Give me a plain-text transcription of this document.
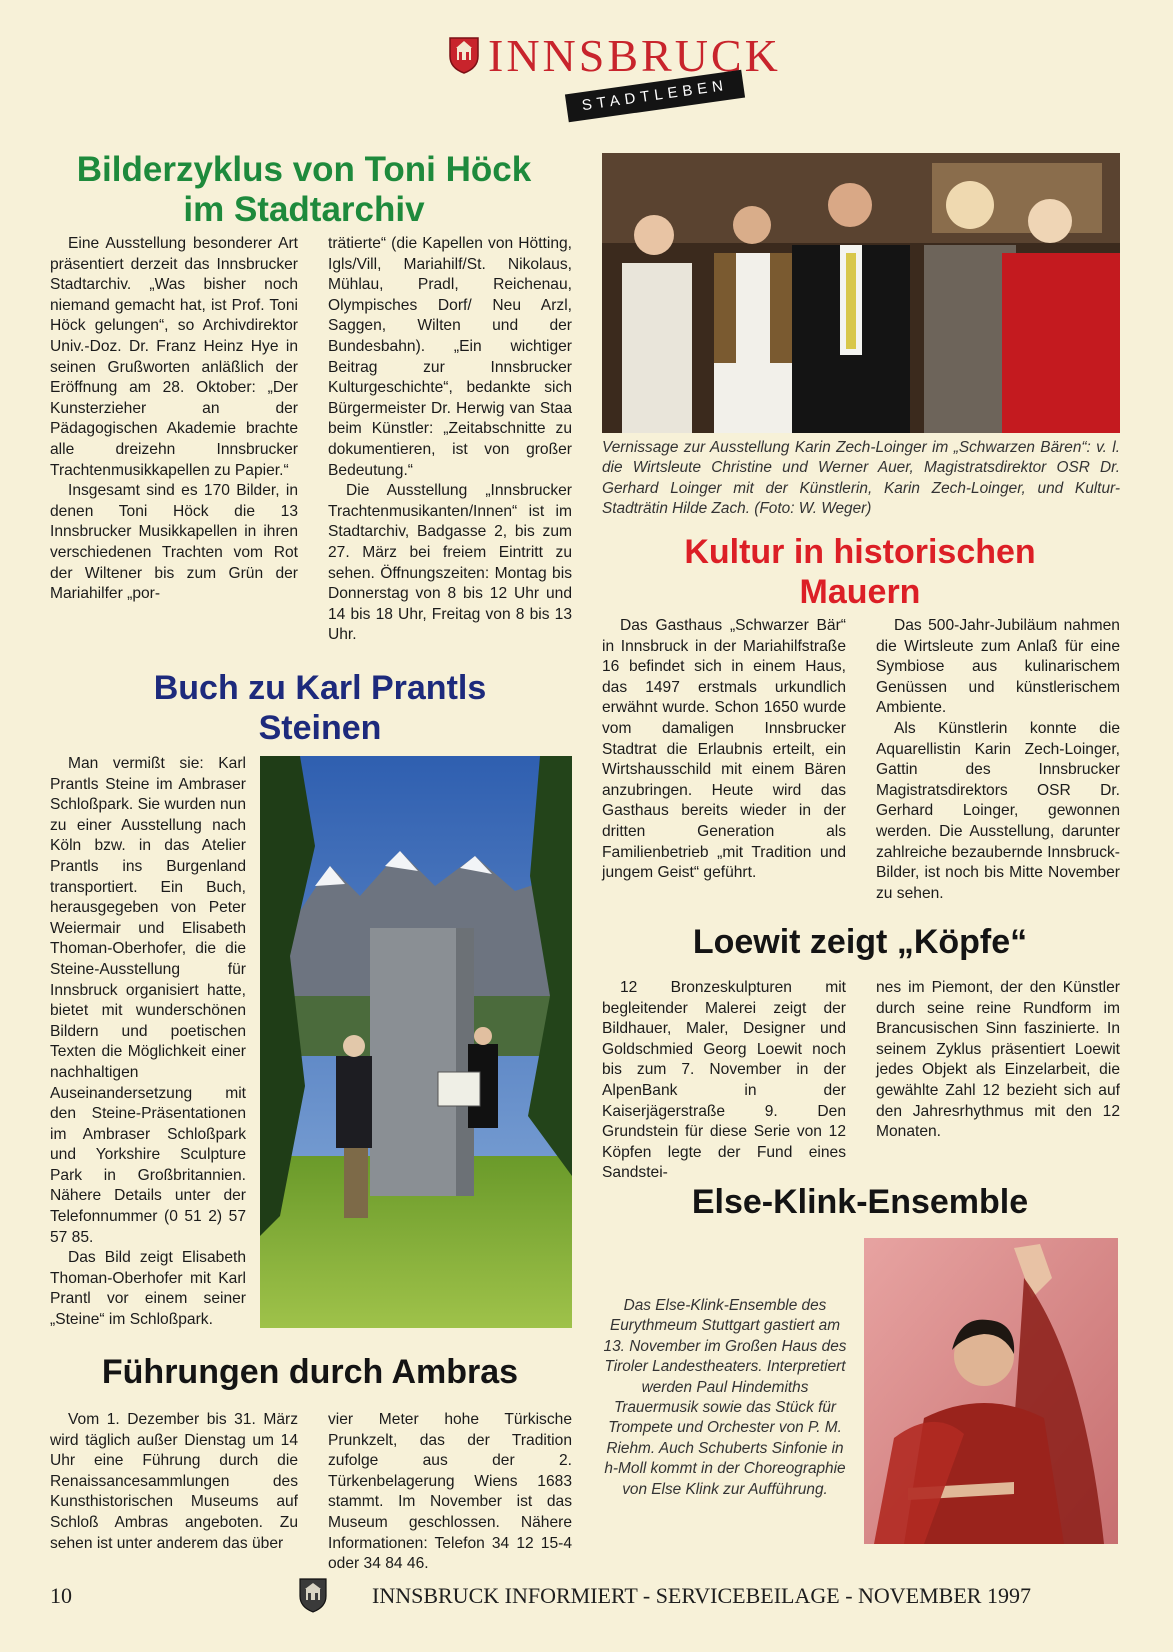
INNSBRUCK
STADTLEBEN
Bilderzyklus von Toni Höck
im Stadtarchiv

Eine Ausstellung besonderer Art präsentiert derzeit das Innsbrucker Stadtarchiv. „Was bisher noch niemand gemacht hat, ist Prof. Toni Höck gelungen“, so Archivdirektor Univ.-Doz. Dr. Franz Heinz Hye in seinen Grußworten anläßlich der Eröffnung am 28. Oktober: „Der Kunsterzieher an der Pädagogischen Akademie brachte alle dreizehn Innsbrucker Trachtenmusikkapellen zu Papier.“

Insgesamt sind es 170 Bilder, in denen Toni Höck die 13 Innsbrucker Musikkapellen in ihren verschiedenen Trachten vom Rot der Wiltener bis zum Grün der Mariahilfer „por-

trätierte“ (die Kapellen von Hötting, Igls/Vill, Mariahilf/St. Nikolaus, Mühlau, Pradl, Reichenau, Olympisches Dorf/ Neu Arzl, Saggen, Wilten und der Bundesbahn). „Ein wichtiger Beitrag zur Innsbrucker Kulturgeschichte“, bedankte sich Bürgermeister Dr. Herwig van Staa beim Künstler: „Zeitabschnitte zu dokumentieren, ist von großer Bedeutung.“

Die Ausstellung „Innsbrucker Trachtenmusikanten/Innen“ ist im Stadtarchiv, Badgasse 2, bis zum 27. März bei freiem Eintritt zu sehen. Öffnungszeiten: Montag bis Donnerstag von 8 bis 12 Uhr und 14 bis 18 Uhr, Freitag von 8 bis 13 Uhr.

Buch zu Karl Prantls
Steinen

Man vermißt sie: Karl Prantls Steine im Ambraser Schloßpark. Sie wurden nun zu einer Ausstellung nach Köln bzw. in das Atelier Prantls ins Burgenland transportiert. Ein Buch, herausgegeben von Peter Weiermair und Elisabeth Thoman-Oberhofer, die die Steine-Ausstellung für Innsbruck organisiert hatte, bietet mit wunderschönen Bildern und poetischen Texten die Möglichkeit einer nachhaltigen Auseinandersetzung mit den Steine-Präsentationen im Ambraser Schloßpark und Yorkshire Sculpture Park in Großbritannien. Nähere Details unter der Telefonnummer (0 51 2) 57 57 85.

Das Bild zeigt Elisabeth Thoman-Oberhofer mit Karl Prantl vor einem seiner „Steine“ im Schloßpark.

Führungen durch Ambras

Vom 1. Dezember bis 31. März wird täglich außer Dienstag um 14 Uhr eine Führung durch die Renaissancesammlungen des Kunsthistorischen Museums auf Schloß Ambras angeboten. Zu sehen ist unter anderem das über

vier Meter hohe Türkische Prunkzelt, das der Tradition zufolge aus der 2. Türkenbelagerung Wiens 1683 stammt. Im November ist das Museum geschlossen. Nähere Informationen: Telefon 34 12 15-4 oder 34 84 46.

Vernissage zur Ausstellung Karin Zech-Loinger im „Schwarzen Bären“: v. l. die Wirtsleute Christine und Werner Auer, Magistratsdirektor OSR Dr. Gerhard Loinger mit der Künstlerin, Karin Zech-Loinger, und Kultur-Stadträtin Hilde Zach. (Foto: W. Weger)
Kultur in historischen
Mauern

Das Gasthaus „Schwarzer Bär“ in Innsbruck in der Mariahilfstraße 16 befindet sich in einem Haus, das 1497 erstmals urkundlich erwähnt wurde. Schon 1650 wurde vom damaligen Innsbrucker Stadtrat die Erlaubnis erteilt, ein Wirtshausschild mit einem Bären anzubringen. Heute wird das Gasthaus bereits wieder in der dritten Generation als Familienbetrieb „mit Tradition und jungem Geist“ geführt.

Das 500-Jahr-Jubiläum nahmen die Wirtsleute zum Anlaß für eine Symbiose aus kulinarischem Genüssen und künstlerischem Ambiente.

Als Künstlerin konnte die Aquarellistin Karin Zech-Loinger, Gattin des Innsbrucker Magistratsdirektors OSR Dr. Gerhard Loinger, gewonnen werden. Die Ausstellung, darunter zahlreiche bezaubernde Innsbruck-Bilder, ist noch bis Mitte November zu sehen.

Loewit zeigt „Köpfe“

12 Bronzeskulpturen mit begleitender Malerei zeigt der Bildhauer, Maler, Designer und Goldschmied Georg Loewit noch bis zum 7. November in der AlpenBank in der Kaiserjägerstraße 9. Den Grundstein für diese Serie von 12 Köpfen legte der Fund eines Sandstei-

nes im Piemont, der den Künstler durch seine reine Rundform im Brancusischen Sinn faszinierte. In seinem Zyklus präsentiert Loewit jedes Objekt als Einzelarbeit, die gewählte Zahl 12 bezieht sich auf den Jahresrhythmus mit den 12 Monaten.

Else-Klink-Ensemble
Das Else-Klink-Ensemble des Eurythmeum Stuttgart gastiert am 13. November im Großen Haus des Tiroler Landestheaters. Interpretiert werden Paul Hindemiths Trauermusik sowie das Stück für Trompete und Orchester von P. M. Riehm. Auch Schuberts Sinfonie in h-Moll kommt in der Choreographie von Else Klink zur Aufführung.
10	INNSBRUCK INFORMIERT - SERVICEBEILAGE - NOVEMBER 1997
